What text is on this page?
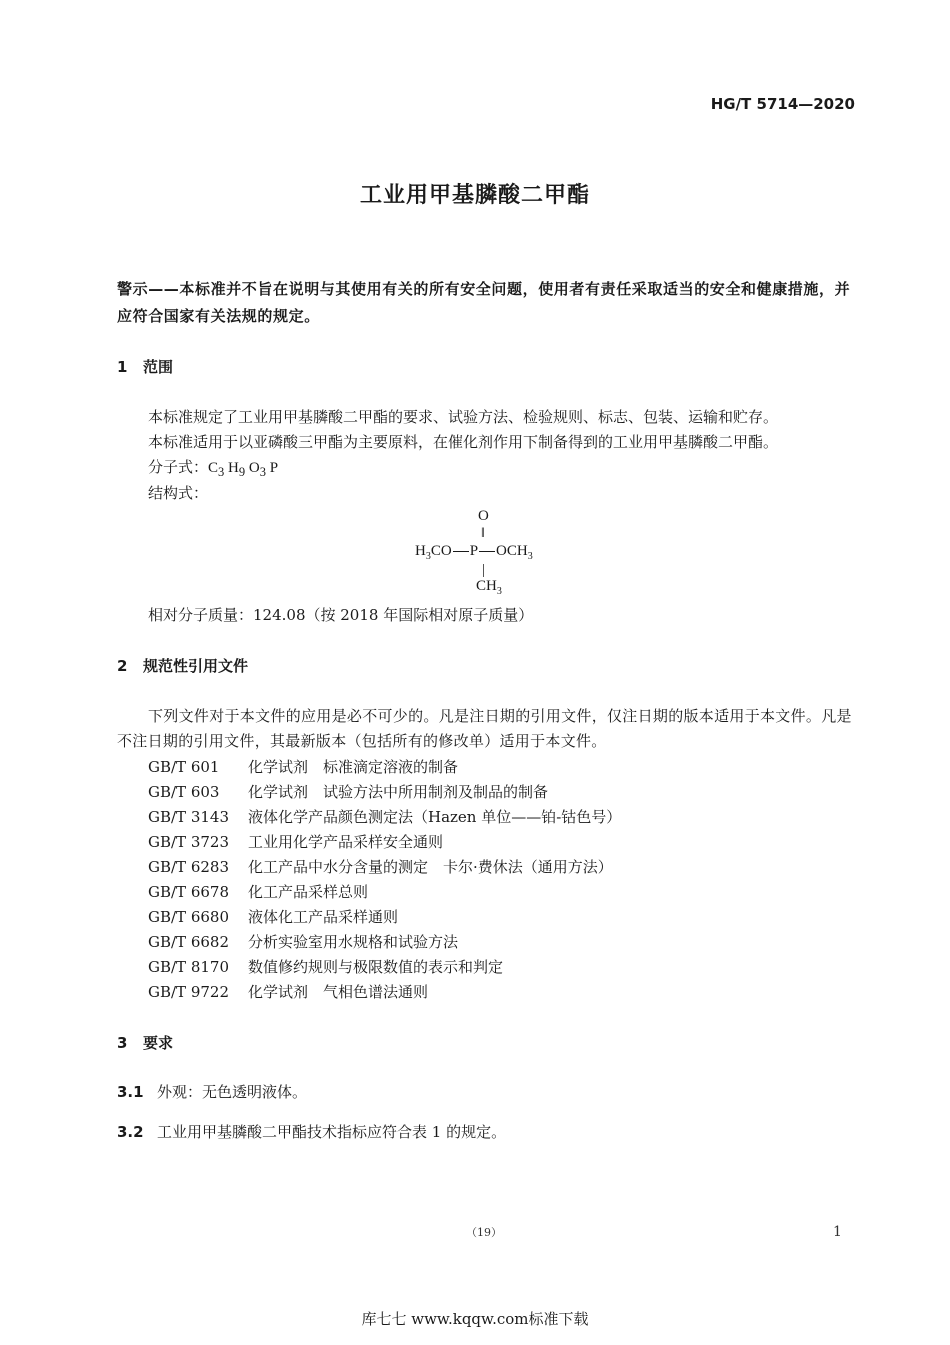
HG/T 5714—2020
工业用甲基膦酸二甲酯
警示——本标准并不旨在说明与其使用有关的所有安全问题，使用者有责任采取适当的安全和健康措施，并应符合国家有关法规的规定。
1 范围
本标准规定了工业用甲基膦酸二甲酯的要求、试验方法、检验规则、标志、包装、运输和贮存。
本标准适用于以亚磷酸三甲酯为主要原料，在催化剂作用下制备得到的工业用甲基膦酸二甲酯。
分子式：$C_3$ $H_9$ $O_3$ P
结构式：
O
‖
$H_3CO$ P $OCH_3$
|
$CH_3$
相对分子质量：124.08（按 2018 年国际相对原子质量）
2 规范性引用文件
下列文件对于本文件的应用是必不可少的。凡是注日期的引用文件，仅注日期的版本适用于本文件。凡是不注日期的引用文件，其最新版本（包括所有的修改单）适用于本文件。
GB/T 601 化学试剂　标准滴定溶液的制备
GB/T 603 化学试剂　试验方法中所用制剂及制品的制备
GB/T 3143 液体化学产品颜色测定法（Hazen 单位——铂-钴色号）
GB/T 3723 工业用化学产品采样安全通则
GB/T 6283 化工产品中水分含量的测定　卡尔·费休法（通用方法）
GB/T 6678 化工产品采样总则
GB/T 6680 液体化工产品采样通则
GB/T 6682 分析实验室用水规格和试验方法
GB/T 8170 数值修约规则与极限数值的表示和判定
GB/T 9722 化学试剂　气相色谱法通则
3 要求
3.1 外观：无色透明液体。
3.2 工业用甲基膦酸二甲酯技术指标应符合表 1 的规定。
（19）	1
库七七 www.kqqw.com标准下载
